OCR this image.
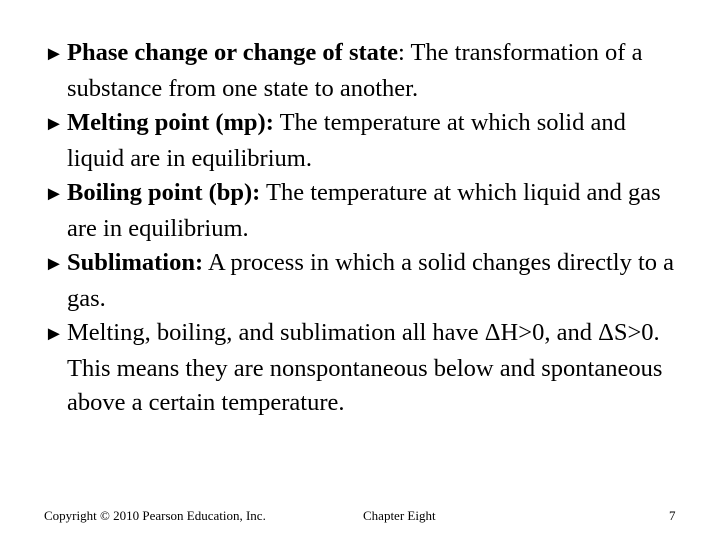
► Phase change or change of state: The transformation of a substance from one state to another.
► Melting point (mp): The temperature at which solid and liquid are in equilibrium.
► Boiling point (bp): The temperature at which liquid and gas are in equilibrium.
► Sublimation: A process in which a solid changes directly to a gas.
► Melting, boiling, and sublimation all have ΔH>0, and ΔS>0. This means they are nonspontaneous below and spontaneous above a certain temperature.
Copyright © 2010 Pearson Education, Inc.	Chapter Eight	7
